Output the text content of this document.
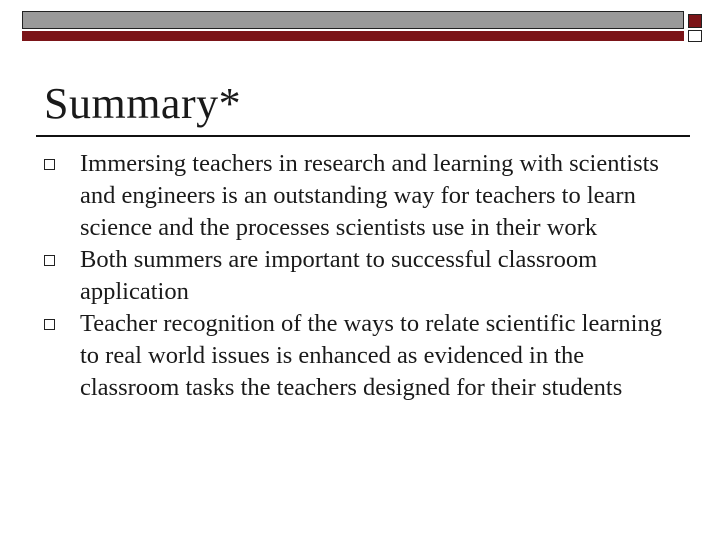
Summary*
Immersing teachers in research and learning with scientists and engineers is an outstanding way for teachers to learn science and the processes scientists use in their work
Both summers are important to successful classroom application
Teacher recognition of the ways to relate scientific learning to real world issues is enhanced as evidenced in the classroom tasks the teachers designed for their students
